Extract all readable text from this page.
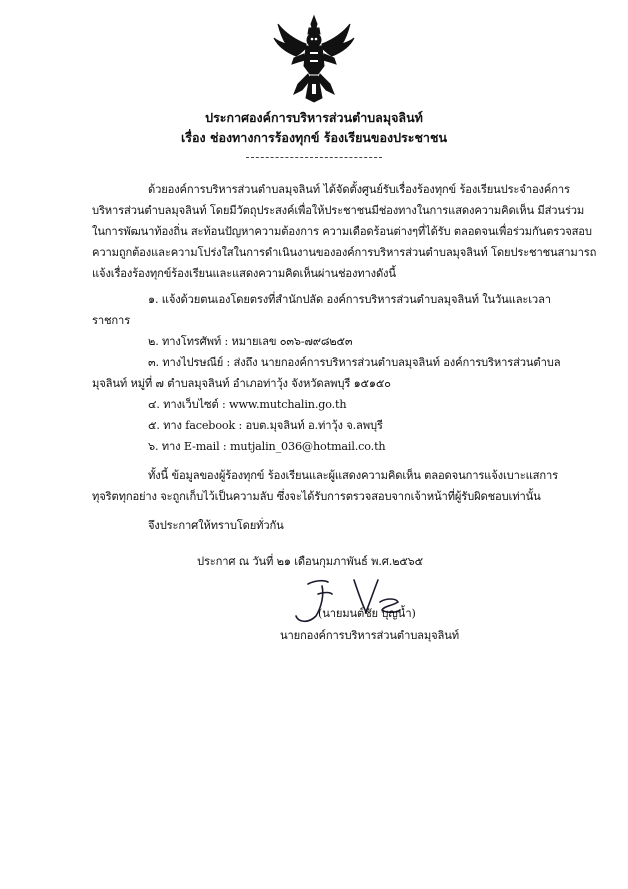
ประกาศองค์การบริหารส่วนตำบลมุจลินท์
เรื่อง ช่องทางการร้องทุกข์ ร้องเรียนของประชาชน
ด้วยองค์การบริหารส่วนตำบลมุจลินท์ ได้จัดตั้งศูนย์รับเรื่องร้องทุกข์ ร้องเรียนประจำองค์การ
บริหารส่วนตำบลมุจลินท์ โดยมีวัตถุประสงค์เพื่อให้ประชาชนมีช่องทางในการแสดงความคิดเห็น มีส่วนร่วม
ในการพัฒนาท้องถิ่น สะท้อนปัญหาความต้องการ ความเดือดร้อนต่างๆที่ได้รับ ตลอดจนเพื่อร่วมกันตรวจสอบ
ความถูกต้องและความโปร่งใสในการดำเนินงานขององค์การบริหารส่วนตำบลมุจลินท์ โดยประชาชนสามารถ
แจ้งเรื่องร้องทุกข์ร้องเรียนและแสดงความคิดเห็นผ่านช่องทางดังนี้
๑. แจ้งด้วยตนเองโดยตรงที่สำนักปลัด องค์การบริหารส่วนตำบลมุจลินท์ ในวันและเวลา
ราชการ
๒. ทางโทรศัพท์ : หมายเลข ๐๓๖-๗๙๘๒๕๓
๓. ทางไปรษณีย์ : ส่งถึง นายกองค์การบริหารส่วนตำบลมุจลินท์ องค์การบริหารส่วนตำบล
มุจลินท์ หมู่ที่ ๗ ตำบลมุจลินท์ อำเภอท่าวุ้ง จังหวัดลพบุรี ๑๕๑๕๐
๔. ทางเว็บไซต์ : www.mutchalin.go.th
๕. ทาง facebook : อบต.มุจลินท์ อ.ท่าวุ้ง จ.ลพบุรี
๖. ทาง E-mail : mutjalin_036@hotmail.co.th
ทั้งนี้ ข้อมูลของผู้ร้องทุกข์ ร้องเรียนและผู้แสดงความคิดเห็น ตลอดจนการแจ้งเบาะแสการ
ทุจริตทุกอย่าง จะถูกเก็บไว้เป็นความลับ ซึ่งจะได้รับการตรวจสอบจากเจ้าหน้าที่ผู้รับผิดชอบเท่านั้น
จึงประกาศให้ทราบโดยทั่วกัน
ประกาศ ณ วันที่ ๒๑ เดือนกุมภาพันธ์ พ.ศ.๒๕๖๕
(นายมนต์ชัย บุญน้ำ)
นายกองค์การบริหารส่วนตำบลมุจลินท์
